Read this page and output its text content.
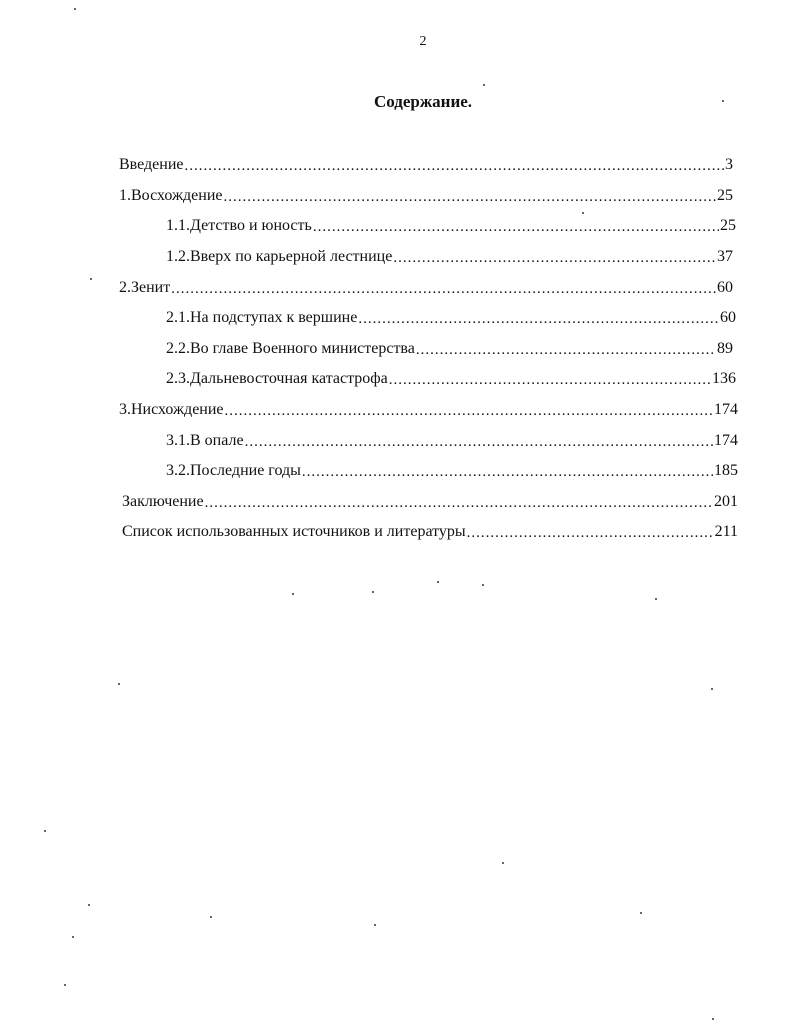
2
Содержание.
Введение .....	3
1.Восхождение .....	25
1.1.Детство и юность .....	25
1.2.Вверх по карьерной лестнице .....	37
2.Зенит .....	60
2.1.На подступах к вершине .....	60
2.2.Во главе Военного министерства .....	89
2.3.Дальневосточная катастрофа .....	136
3.Нисхождение .....	174
3.1.В опале .....	174
3.2.Последние годы .....	185
Заключение .....	201
Список использованных источников и литературы .....	211
